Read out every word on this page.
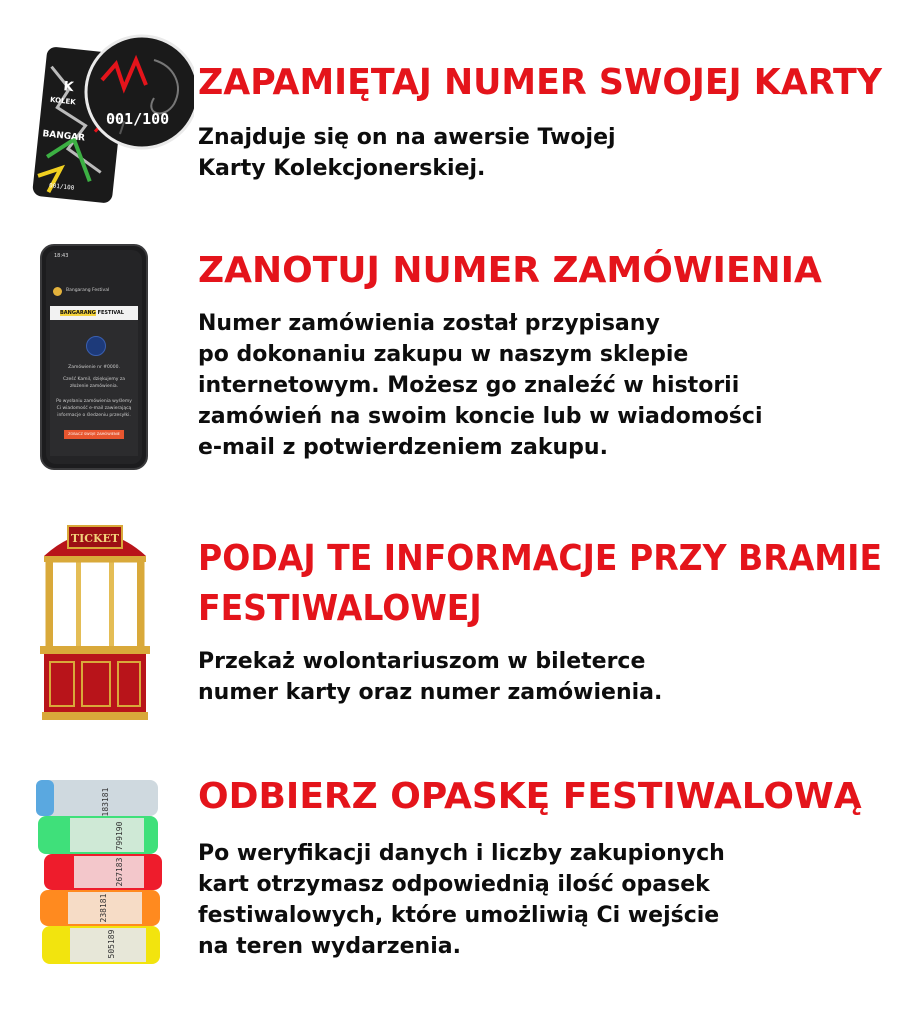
K
KOLEK
BANGAR
001/100
001/100
ZAPAMIĘTAJ NUMER SWOJEJ KARTY
Znajduje się on na awersie Twojej
Karty Kolekcjonerskiej.
18:43
Bangarang Festival
BANGARANG FESTIVAL
Zamówienie nr #0000.
Cześć Kamil, dziękujemy za złożenie zamówienia.
Po wysłaniu zamówienia wyślemy Ci wiadomość e-mail zawierającą informacje o śledzeniu przesyłki.
ZOBACZ SWOJE ZAMÓWIENIE
ZANOTUJ NUMER ZAMÓWIENIA
Numer zamówienia został przypisany
po dokonaniu zakupu w naszym sklepie
internetowym. Możesz go znaleźć w historii
zamówień na swoim koncie lub w wiadomości
e-mail z potwierdzeniem zakupu.
TICKET PODAJ TE INFORMACJE PRZY BRAMIE
FESTIWALOWEJ
Przekaż wolontariuszom w bileterce
numer karty oraz numer zamówienia.
183181
799190
267183
238181
505189
ODBIERZ OPASKĘ FESTIWALOWĄ
Po weryfikacji danych i liczby zakupionych
kart otrzymasz odpowiednią ilość opasek
festiwalowych, które umożliwią Ci wejście
na teren wydarzenia.
